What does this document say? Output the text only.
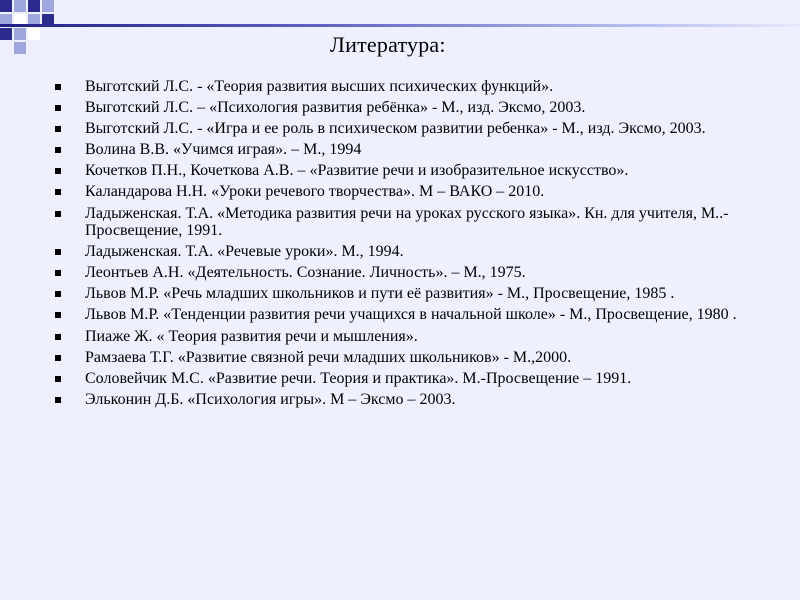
Литература:
Выготский Л.С. - «Теория развития высших психических функций».
Выготский Л.С. – «Психология развития ребёнка» - М., изд. Эксмо, 2003.
Выготский Л.С. - «Игра и ее роль в психическом развитии ребенка» - М., изд. Эксмо, 2003.
Волина В.В. «Учимся играя». – М., 1994
Кочетков П.Н., Кочеткова А.В. – «Развитие речи и изобразительное искусство».
Каландарова Н.Н. «Уроки речевого творчества». М – ВАКО – 2010.
Ладыженская. Т.А. «Методика развития речи на уроках русского языка». Кн. для учителя, М..- Просвещение, 1991.
Ладыженская. Т.А. «Речевые уроки». М., 1994.
Леонтьев А.Н. «Деятельность. Сознание. Личность». – М., 1975.
Львов М.Р. «Речь младших школьников и пути её развития» - М., Просвещение, 1985 .
Львов М.Р. «Тенденции развития речи учащихся в начальной школе» - М., Просвещение, 1980 .
Пиаже Ж. « Теория развития речи и мышления».
Рамзаева Т.Г. «Развитие связной речи младших школьников» - М.,2000.
Соловейчик М.С. «Развитие речи. Теория и практика». М.-Просвещение – 1991.
Эльконин Д.Б. «Психология игры». М – Эксмо – 2003.
